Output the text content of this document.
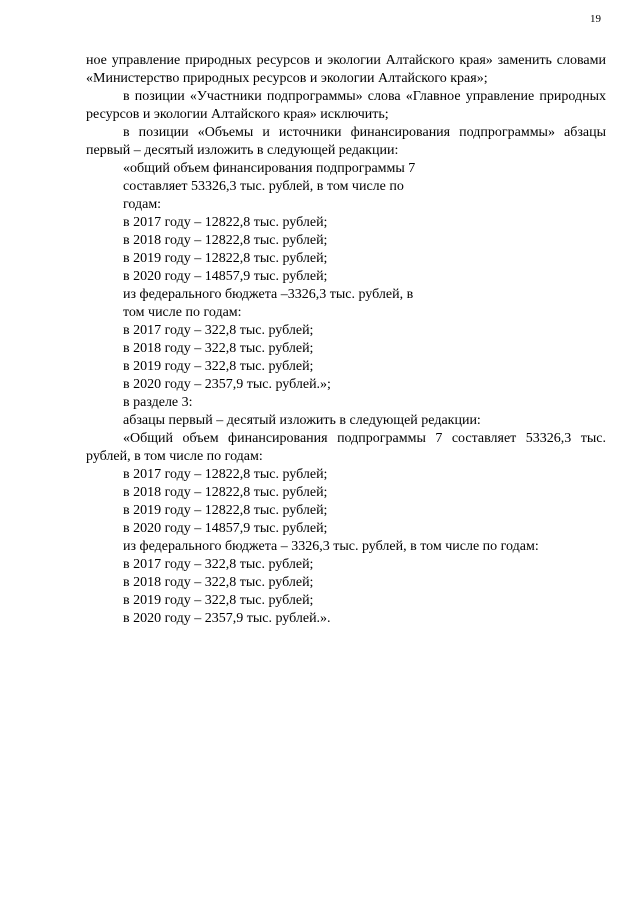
19

ное управление природных ресурсов и экологии Алтайского края» заменить словами «Министерство природных ресурсов и экологии Алтайского края»;

в позиции «Участники подпрограммы» слова «Главное управление природных ресурсов и экологии Алтайского края» исключить;

в позиции «Объемы и источники финансирования подпрограммы» абзацы первый – десятый изложить в следующей редакции:

«общий объем финансирования подпрограммы 7

составляет 53326,3 тыс. рублей, в том числе по

годам:

в 2017 году – 12822,8 тыс. рублей;

в 2018 году – 12822,8 тыс. рублей;

в 2019 году – 12822,8 тыс. рублей;

в 2020 году – 14857,9 тыс. рублей;

из федерального бюджета –3326,3 тыс. рублей, в

том числе по годам:

в 2017 году – 322,8 тыс. рублей;

в 2018 году – 322,8 тыс. рублей;

в 2019 году – 322,8 тыс. рублей;

в 2020 году – 2357,9 тыс. рублей.»;

в разделе 3:

абзацы первый – десятый изложить в следующей редакции:

«Общий объем финансирования подпрограммы 7 составляет 53326,3 тыс. рублей, в том числе по годам:

в 2017 году – 12822,8 тыс. рублей;

в 2018 году – 12822,8 тыс. рублей;

в 2019 году – 12822,8 тыс. рублей;

в 2020 году – 14857,9 тыс. рублей;

из федерального бюджета – 3326,3 тыс. рублей, в том числе по годам:

в 2017 году – 322,8 тыс. рублей;

в 2018 году – 322,8 тыс. рублей;

в 2019 году – 322,8 тыс. рублей;

в 2020 году – 2357,9 тыс. рублей.».
